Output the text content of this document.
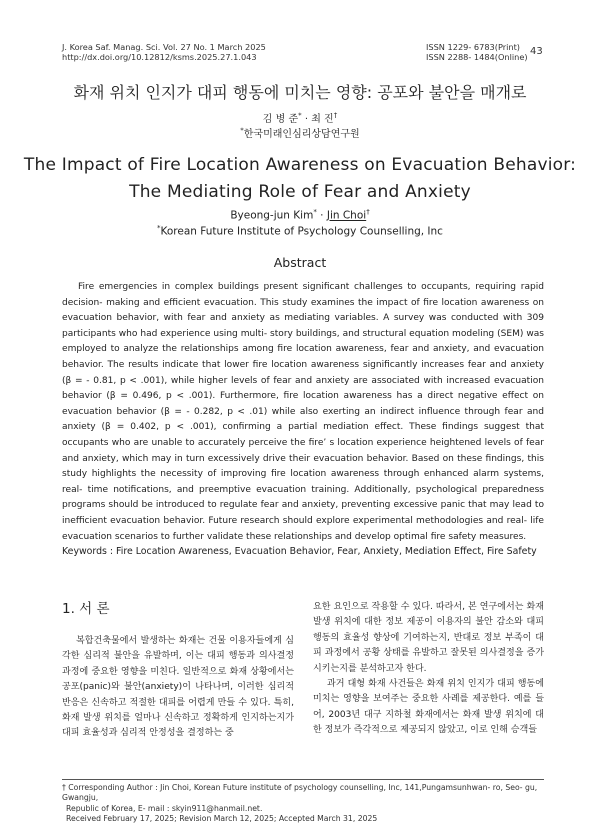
J. Korea Saf. Manag. Sci. Vol. 27 No. 1 March 2025
http://dx.doi.org/10.12812/ksms.2025.27.1.043
ISSN 1229- 6783(Print)
ISSN 2288- 1484(Online) 43
화재 위치 인지가 대피 행동에 미치는 영향: 공포와 불안을 매개로
김 병 준* · 최 진†
*한국미래인심리상담연구원
The Impact of Fire Location Awareness on Evacuation Behavior:
The Mediating Role of Fear and Anxiety
Byeong-jun Kim* · Jin Choi†
*Korean Future Institute of Psychology Counselling, Inc
Abstract

Fire emergencies in complex buildings present significant challenges to occupants, requiring rapid decision- making and efficient evacuation. This study examines the impact of fire location awareness on evacuation behavior, with fear and anxiety as mediating variables. A survey was conducted with 309 participants who had experience using multi- story buildings, and structural equation modeling (SEM) was employed to analyze the relationships among fire location awareness, fear and anxiety, and evacuation behavior. The results indicate that lower fire location awareness significantly increases fear and anxiety (β = - 0.81, p < .001), while higher levels of fear and anxiety are associated with increased evacuation behavior (β = 0.496, p < .001). Furthermore, fire location awareness has a direct negative effect on evacuation behavior (β = - 0.282, p < .01) while also exerting an indirect influence through fear and anxiety (β = 0.402, p < .001), confirming a partial mediation effect. These findings suggest that occupants who are unable to accurately perceive the fire’ s location experience heightened levels of fear and anxiety, which may in turn excessively drive their evacuation behavior. Based on these findings, this study highlights the necessity of improving fire location awareness through enhanced alarm systems, real- time notifications, and preemptive evacuation training. Additionally, psychological preparedness programs should be introduced to regulate fear and anxiety, preventing excessive panic that may lead to inefficient evacuation behavior. Future research should explore experimental methodologies and real- life evacuation scenarios to further validate these relationships and develop optimal fire safety measures.

Keywords : Fire Location Awareness, Evacuation Behavior, Fear, Anxiety, Mediation Effect, Fire Safety
1. 서 론

복합건축물에서 발생하는 화재는 건물 이용자들에게 심각한 심리적 불안을 유발하며, 이는 대피 행동과 의사결정 과정에 중요한 영향을 미친다. 일반적으로 화재 상황에서는 공포(panic)와 불안(anxiety)이 나타나며, 이러한 심리적 반응은 신속하고 적절한 대피를 어렵게 만들 수 있다. 특히, 화재 발생 위치를 얼마나 신속하고 정확하게 인지하는지가 대피 효율성과 심리적 안정성을 결정하는 중

요한 요인으로 작용할 수 있다. 따라서, 본 연구에서는 화재 발생 위치에 대한 정보 제공이 이용자의 불안 감소와 대피 행동의 효율성 향상에 기여하는지, 반대로 정보 부족이 대피 과정에서 공황 상태를 유발하고 잘못된 의사결정을 증가시키는지를 분석하고자 한다.

과거 대형 화재 사건들은 화재 위치 인지가 대피 행동에 미치는 영향을 보여주는 중요한 사례를 제공한다. 예를 들어, 2003년 대구 지하철 화재에서는 화재 발생 위치에 대한 정보가 즉각적으로 제공되지 않았고, 이로 인해 승객들

† Corresponding Author : Jin Choi, Korean Future institute of psychology counselling, Inc, 141,Pungamsunhwan- ro, Seo- gu, Gwangju,
Republic of Korea, E- mail : skyin911@hanmail.net.
Received February 17, 2025; Revision March 12, 2025; Accepted March 31, 2025
